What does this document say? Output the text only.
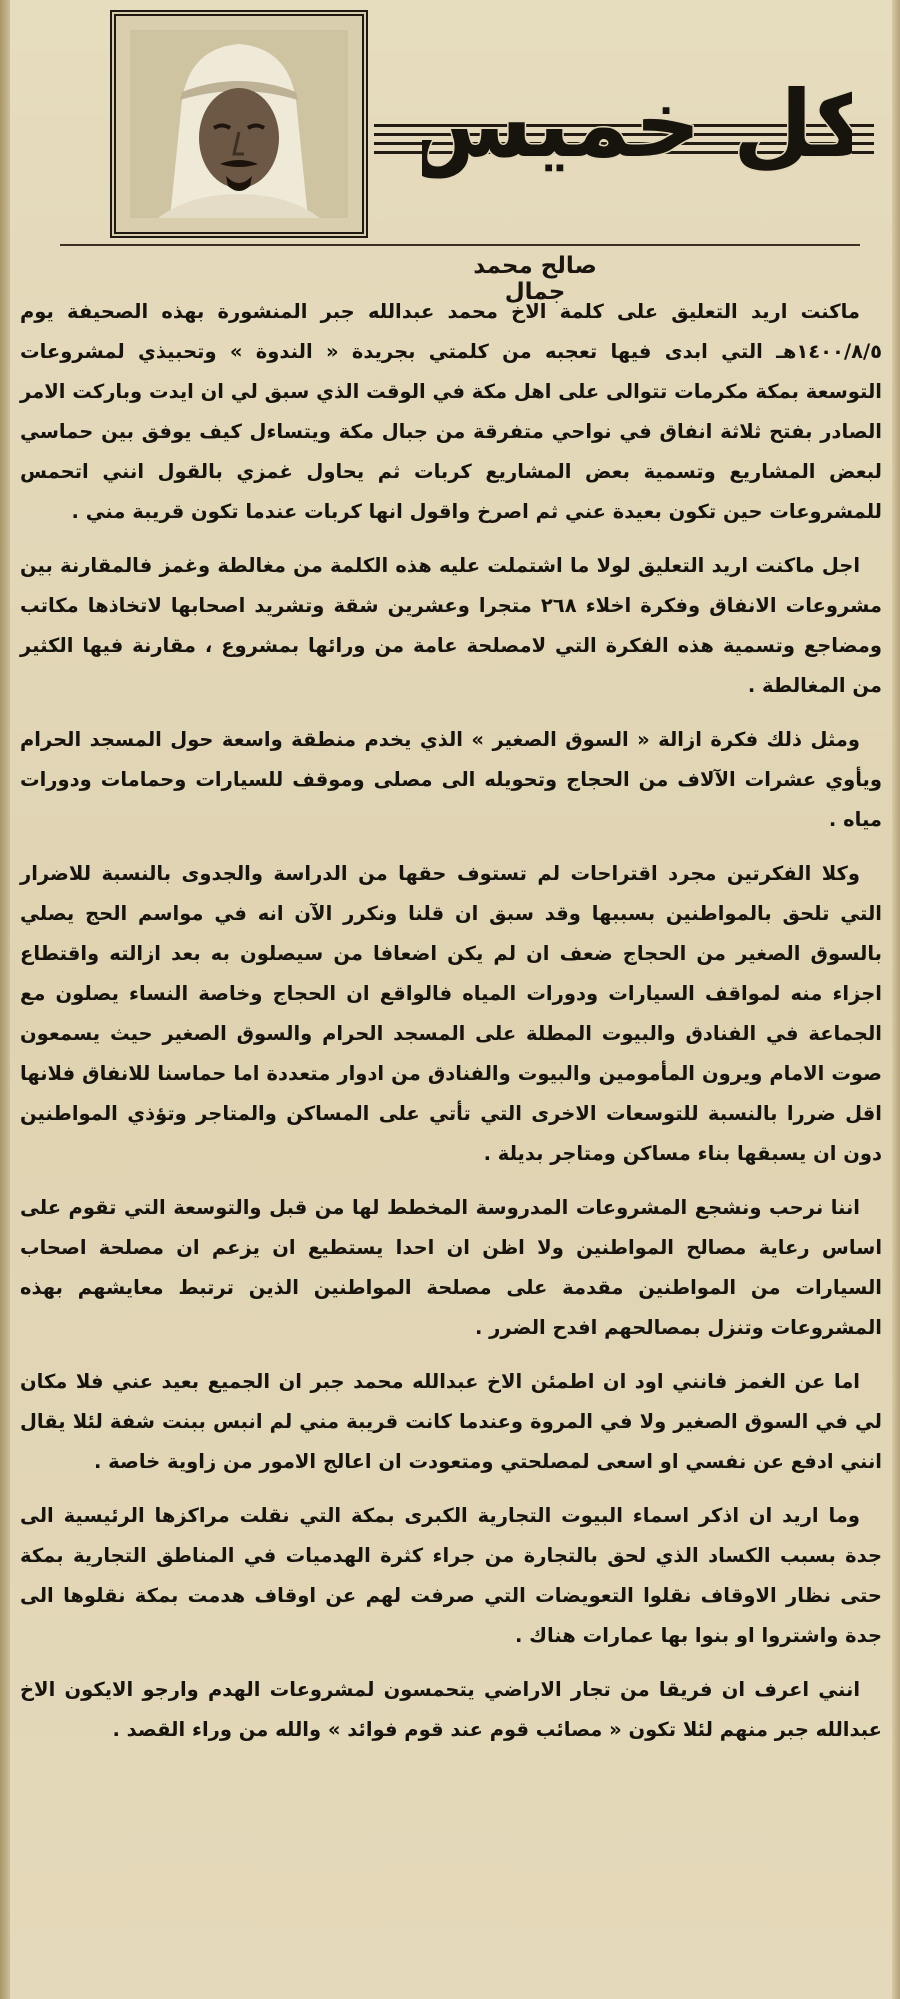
كل خميس
صالح محمد جمال

ماكنت اريد التعليق على كلمة الاخ محمد عبدالله جبر المنشورة بهذه الصحيفة يوم ١٤٠٠/٨/٥هـ التي ابدى فيها تعجبه من كلمتي بجريدة « الندوة » وتحبيذي لمشروعات التوسعة بمكة مكرمات تتوالى على اهل مكة في الوقت الذي سبق لي ان ايدت وباركت الامر الصادر بفتح ثلاثة انفاق في نواحي متفرقة من جبال مكة ويتساءل كيف يوفق بين حماسي لبعض المشاريع وتسمية بعض المشاريع كربات ثم يحاول غمزي بالقول انني اتحمس للمشروعات حين تكون بعيدة عني ثم اصرخ واقول انها كربات عندما تكون قريبة مني .

اجل ماكنت اريد التعليق لولا ما اشتملت عليه هذه الكلمة من مغالطة وغمز فالمقارنة بين مشروعات الانفاق وفكرة اخلاء ٢٦٨ متجرا وعشرين شقة وتشريد اصحابها لاتخاذها مكاتب ومضاجع وتسمية هذه الفكرة التي لامصلحة عامة من ورائها بمشروع ، مقارنة فيها الكثير من المغالطة .

ومثل ذلك فكرة ازالة « السوق الصغير » الذي يخدم منطقة واسعة حول المسجد الحرام ويأوي عشرات الآلاف من الحجاج وتحويله الى مصلى وموقف للسيارات وحمامات ودورات مياه .

وكلا الفكرتين مجرد اقتراحات لم تستوف حقها من الدراسة والجدوى بالنسبة للاضرار التي تلحق بالمواطنين بسببها وقد سبق ان قلنا ونكرر الآن انه في مواسم الحج يصلي بالسوق الصغير من الحجاج ضعف ان لم يكن اضعافا من سيصلون به بعد ازالته واقتطاع اجزاء منه لمواقف السيارات ودورات المياه فالواقع ان الحجاج وخاصة النساء يصلون مع الجماعة في الفنادق والبيوت المطلة على المسجد الحرام والسوق الصغير حيث يسمعون صوت الامام ويرون المأمومين والبيوت والفنادق من ادوار متعددة اما حماسنا للانفاق فلانها اقل ضررا بالنسبة للتوسعات الاخرى التي تأتي على المساكن والمتاجر وتؤذي المواطنين دون ان يسبقها بناء مساكن ومتاجر بديلة .

اننا نرحب ونشجع المشروعات المدروسة المخطط لها من قبل والتوسعة التي تقوم على اساس رعاية مصالح المواطنين ولا اظن ان احدا يستطيع ان يزعم ان مصلحة اصحاب السيارات من المواطنين مقدمة على مصلحة المواطنين الذين ترتبط معايشهم بهذه المشروعات وتنزل بمصالحهم افدح الضرر .

اما عن الغمز فانني اود ان اطمئن الاخ عبدالله محمد جبر ان الجميع بعيد عني فلا مكان لي في السوق الصغير ولا في المروة وعندما كانت قريبة مني لم انبس ببنت شفة لئلا يقال انني ادفع عن نفسي او اسعى لمصلحتي ومتعودت ان اعالج الامور من زاوية خاصة .

وما اريد ان اذكر اسماء البيوت التجارية الكبرى بمكة التي نقلت مراكزها الرئيسية الى جدة بسبب الكساد الذي لحق بالتجارة من جراء كثرة الهدميات في المناطق التجارية بمكة حتى نظار الاوقاف نقلوا التعويضات التي صرفت لهم عن اوقاف هدمت بمكة نقلوها الى جدة واشتروا او بنوا بها عمارات هناك .

انني اعرف ان فريقا من تجار الاراضي يتحمسون لمشروعات الهدم وارجو الايكون الاخ عبدالله جبر منهم لئلا تكون « مصائب قوم عند قوم فوائد » والله من وراء القصد .
